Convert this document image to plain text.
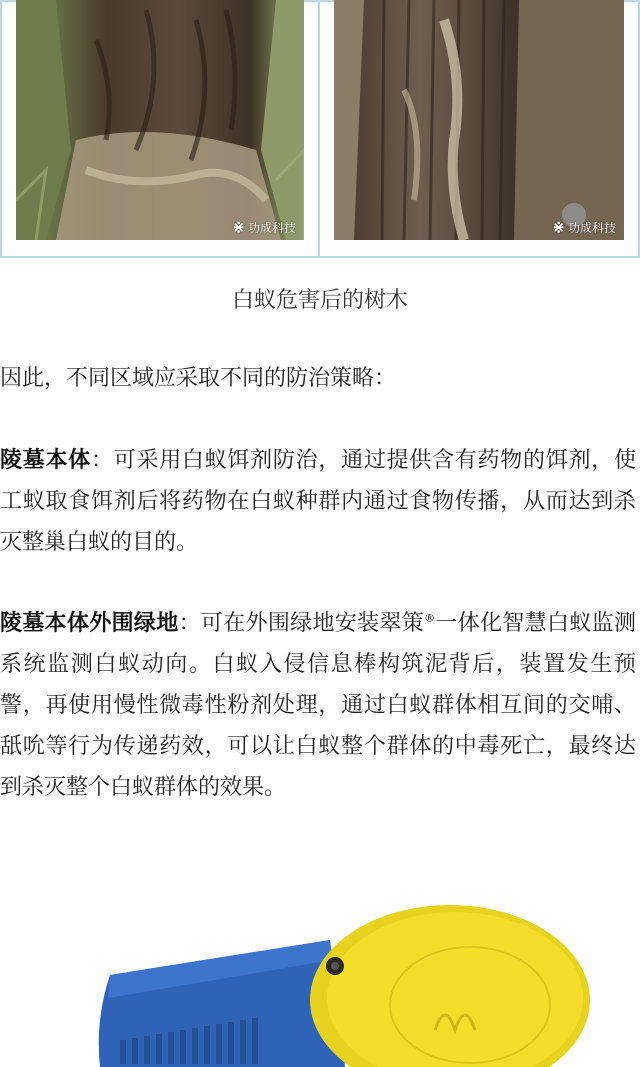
⋇ 功成科技	⋇ 功成科技
白蚁危害后的树木

因此，不同区域应采取不同的防治策略：

陵墓本体：可采用白蚁饵剂防治，通过提供含有药物的饵剂，使工蚁取食饵剂后将药物在白蚁种群内通过食物传播，从而达到杀灭整巢白蚁的目的。

陵墓本体外围绿地：可在外围绿地安装翠策®一体化智慧白蚁监测系统监测白蚁动向。白蚁入侵信息棒构筑泥背后，装置发生预警，再使用慢性微毒性粉剂处理，通过白蚁群体相互间的交哺、舐吮等行为传递药效，可以让白蚁整个群体的中毒死亡，最终达到杀灭整个白蚁群体的效果。
